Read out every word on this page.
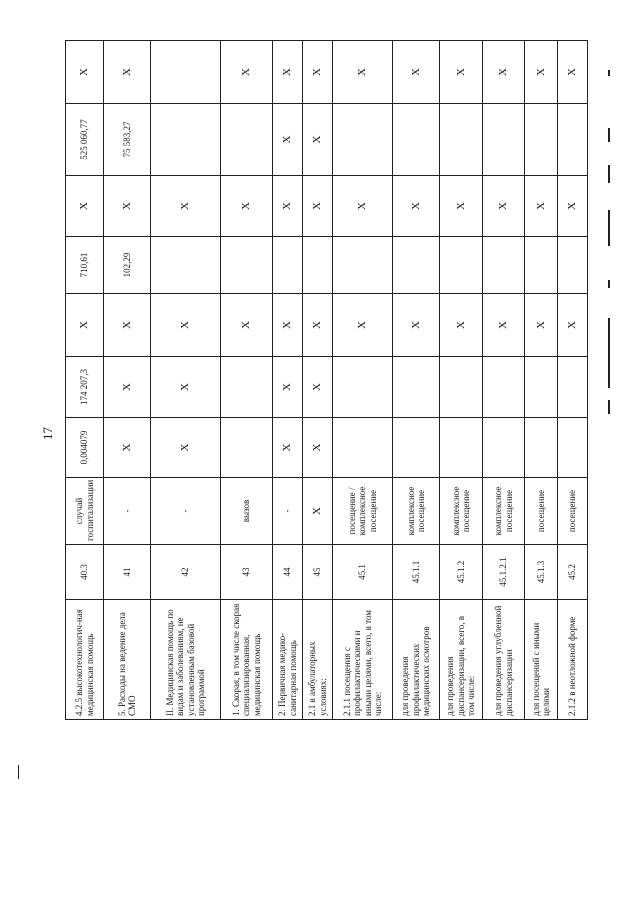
17
4.2.5 высокотехнологич-ная медицинская помощь	40.3	случай госпитализации	0,004079	174 207,3	Х	710,61	Х	525 060,77	Х
5. Расходы на ведение дела СМО	41	-	Х	Х	Х	102,29	Х	75 583,27	Х
II. Медицинская помощь по видам и заболеваниям, не установленным базовой программой	42	-	Х	Х	Х		Х		
1. Скорая, в том числе скорая специализированная, медицинская помощь	43	вызов			Х		Х		Х
2. Первичная медико-санитарная помощь	44	-	Х	Х	Х		Х	Х	Х
2.1 в амбулаторных условиях:	45	Х	Х	Х	Х		Х	Х	Х
2.1.1 посещения с профилактическими и иными целями, всего, в том числе:	45.1	посещение / комплексное посещение			Х		Х		Х
для проведения профилактических медицинских осмотров	45.1.1	комплексное посещение			Х		Х		Х
для проведения диспансеризации, всего, в том числе:	45.1.2	комплексное посещение			Х		Х		Х
для проведения углубленной диспансеризации	45.1.2.1	комплексное посещение			Х		Х		Х
для посещений с иными целями	45.1.3	посещение			Х		Х		Х
2.1.2 в неотложной форме	45.2	посещение			Х		Х		Х
